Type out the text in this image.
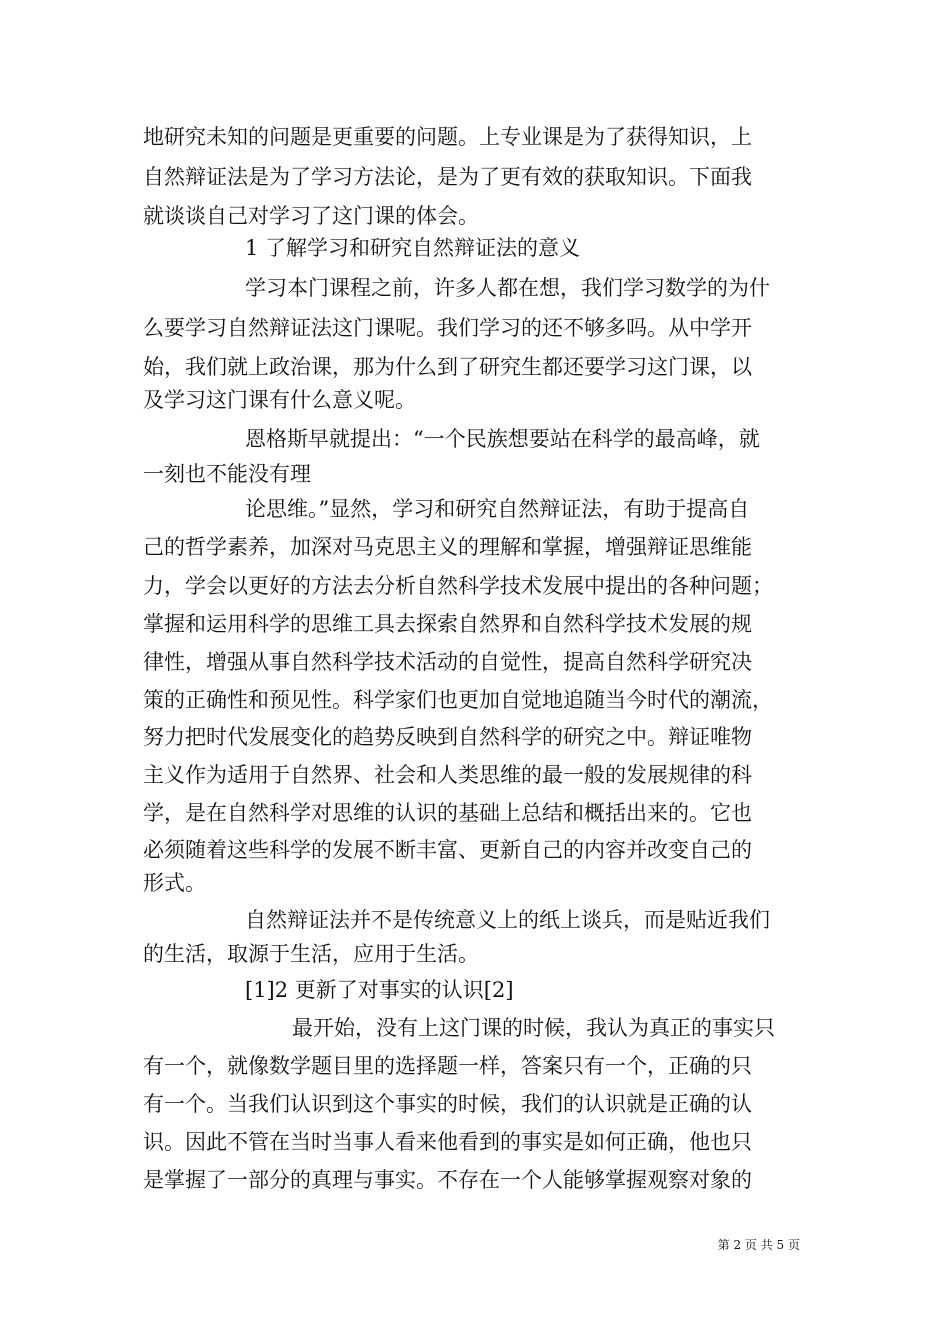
地研究未知的问题是更重要的问题。上专业课是为了获得知识，上
自然辩证法是为了学习方法论，是为了更有效的获取知识。下面我
就谈谈自己对学习了这门课的体会。
1 了解学习和研究自然辩证法的意义
学习本门课程之前，许多人都在想，我们学习数学的为什
么要学习自然辩证法这门课呢。我们学习的还不够多吗。从中学开
始，我们就上政治课，那为什么到了研究生都还要学习这门课，以
及学习这门课有什么意义呢。
恩格斯早就提出：“一个民族想要站在科学的最高峰，就
一刻也不能没有理
论思维。”显然，学习和研究自然辩证法，有助于提高自
己的哲学素养，加深对马克思主义的理解和掌握，增强辩证思维能
力，学会以更好的方法去分析自然科学技术发展中提出的各种问题；
掌握和运用科学的思维工具去探索自然界和自然科学技术发展的规
律性，增强从事自然科学技术活动的自觉性，提高自然科学研究决
策的正确性和预见性。科学家们也更加自觉地追随当今时代的潮流，
努力把时代发展变化的趋势反映到自然科学的研究之中。辩证唯物
主义作为适用于自然界、社会和人类思维的最一般的发展规律的科
学，是在自然科学对思维的认识的基础上总结和概括出来的。它也
必须随着这些科学的发展不断丰富、更新自己的内容并改变自己的
形式。
自然辩证法并不是传统意义上的纸上谈兵，而是贴近我们
的生活，取源于生活，应用于生活。
[1]2 更新了对事实的认识[2]
最开始，没有上这门课的时候，我认为真正的事实只
有一个，就像数学题目里的选择题一样，答案只有一个，正确的只
有一个。当我们认识到这个事实的时候，我们的认识就是正确的认
识。因此不管在当时当事人看来他看到的事实是如何正确，他也只
是掌握了一部分的真理与事实。不存在一个人能够掌握观察对象的
第 2 页 共 5 页
